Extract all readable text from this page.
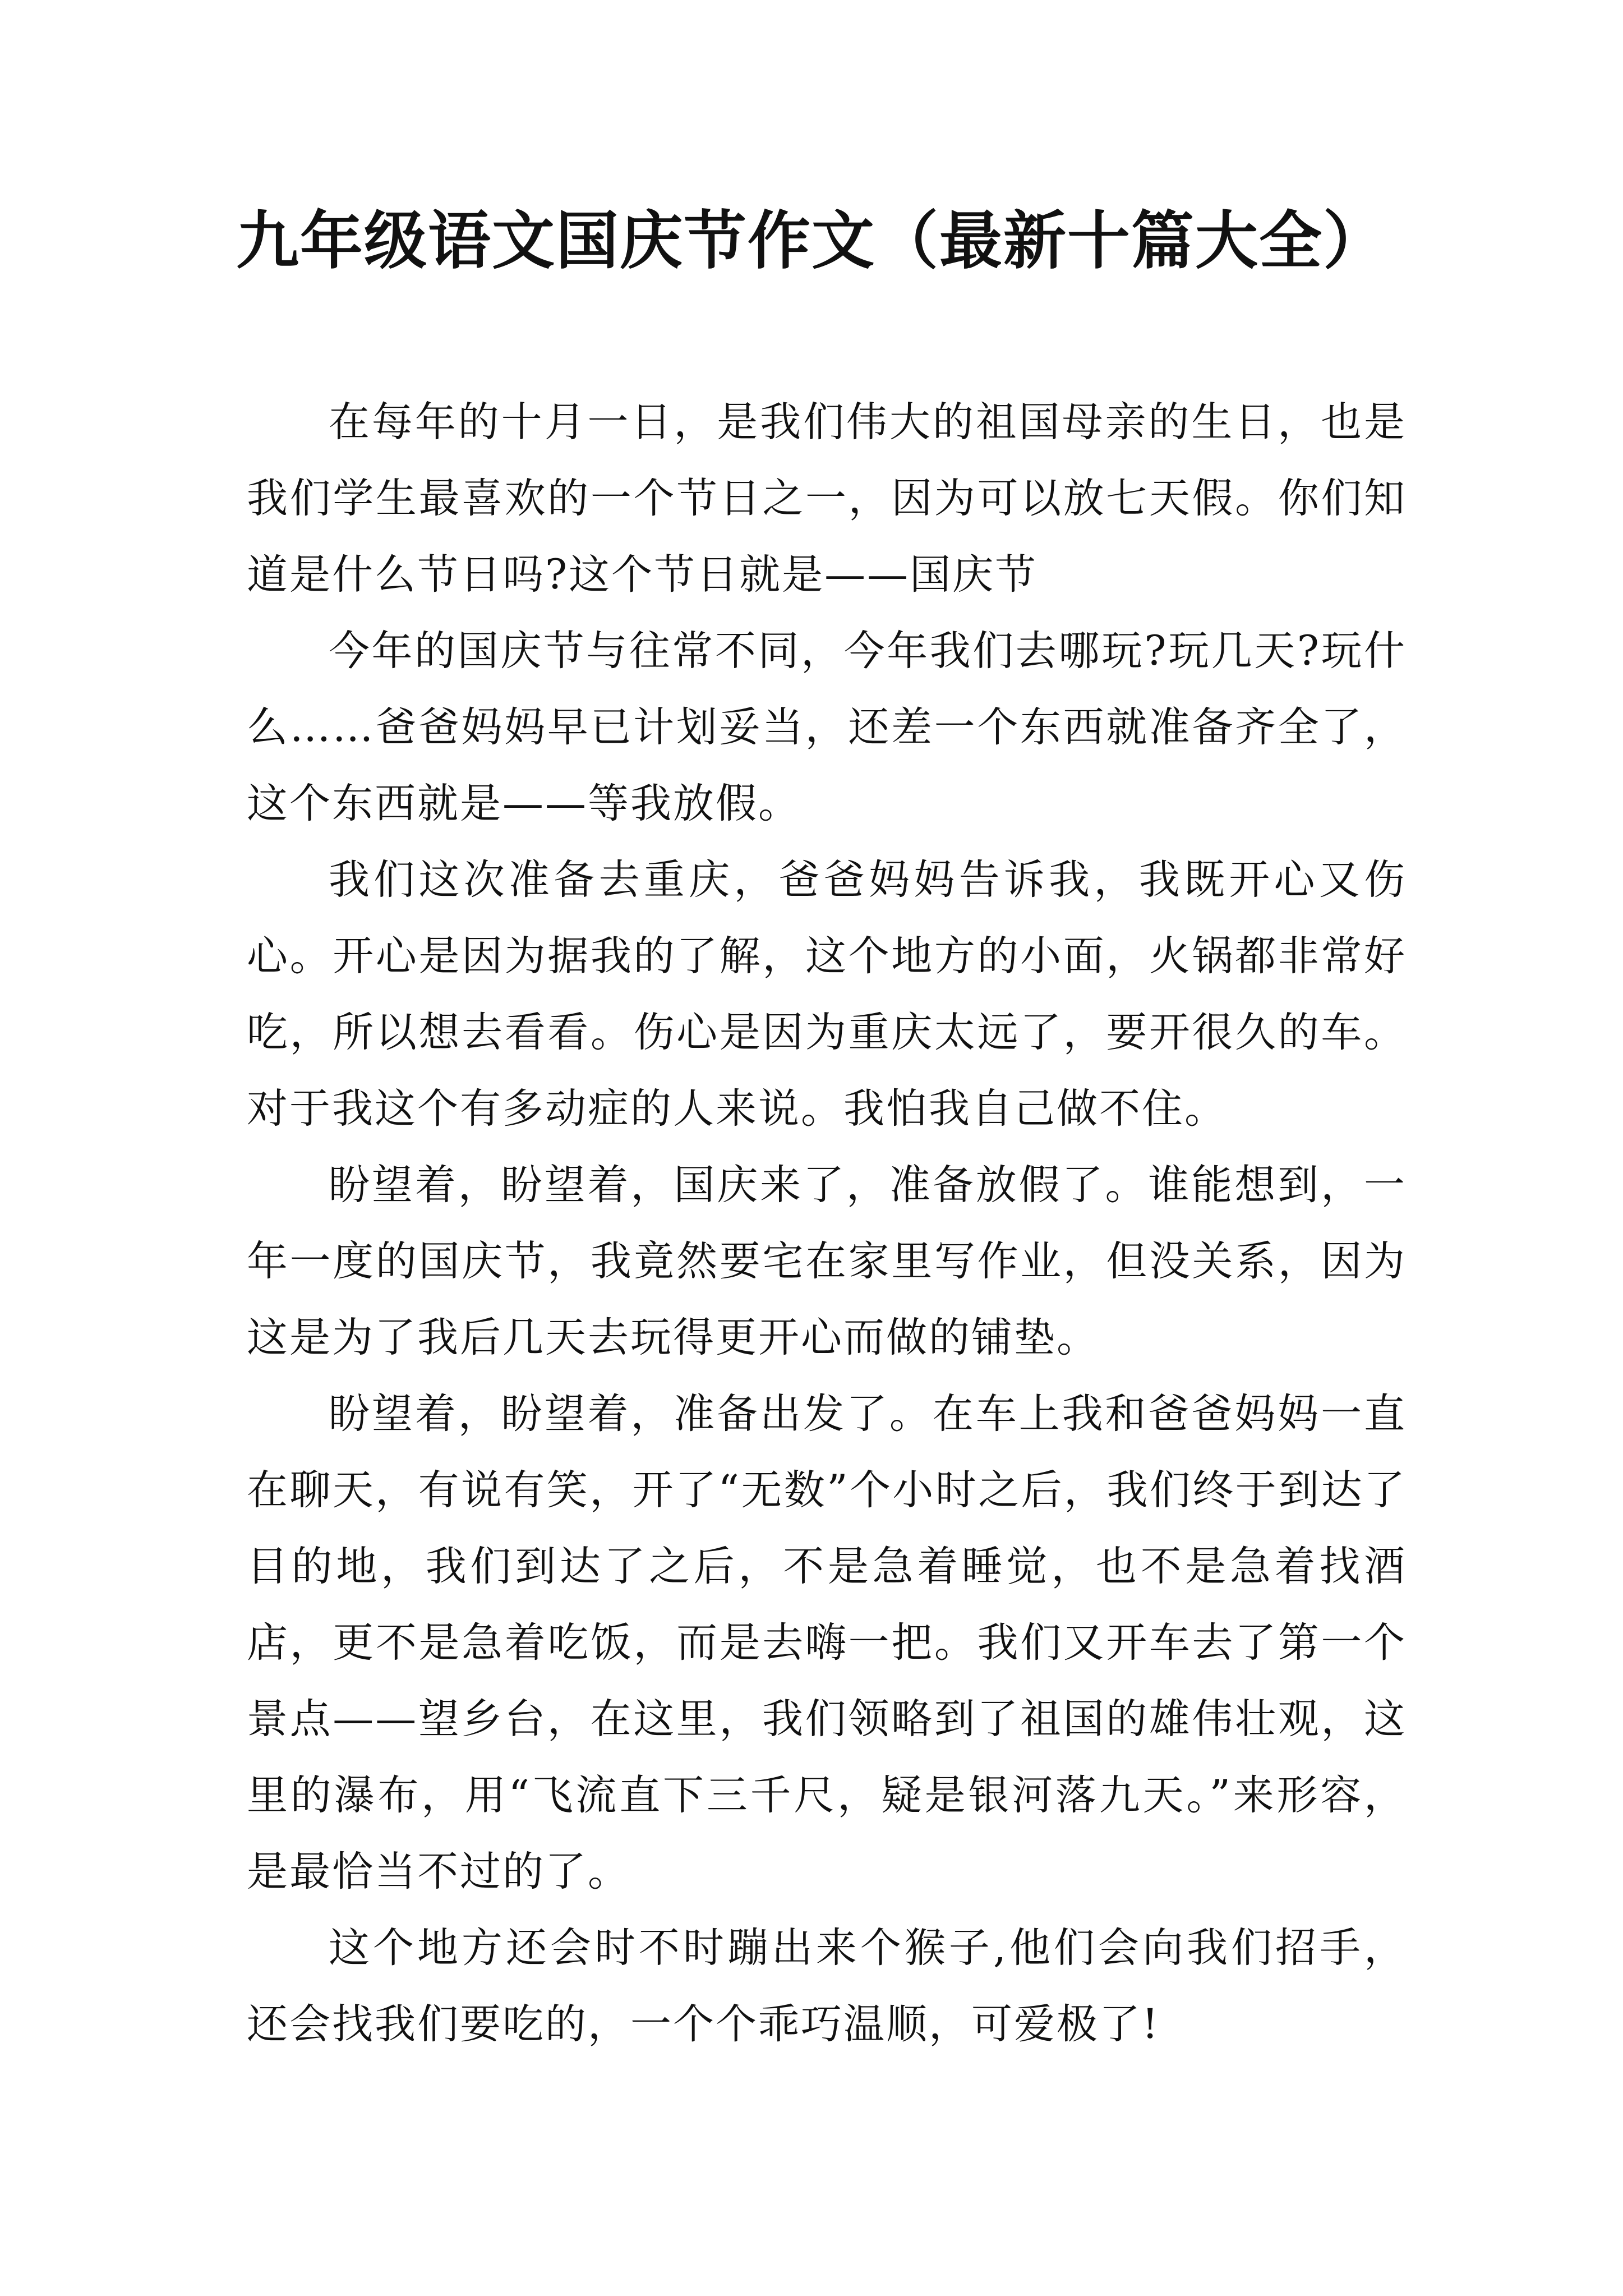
九年级语文国庆节作文（最新十篇大全）

在每年的十月一日，是我们伟大的祖国母亲的生日，也是我们学生最喜欢的一个节日之一，因为可以放七天假。你们知道是什么节日吗?这个节日就是——国庆节

今年的国庆节与往常不同，今年我们去哪玩?玩几天?玩什么……爸爸妈妈早已计划妥当，还差一个东西就准备齐全了，这个东西就是——等我放假。

我们这次准备去重庆，爸爸妈妈告诉我，我既开心又伤心。开心是因为据我的了解，这个地方的小面，火锅都非常好吃，所以想去看看。伤心是因为重庆太远了，要开很久的车。对于我这个有多动症的人来说。我怕我自己做不住。

盼望着，盼望着，国庆来了，准备放假了。谁能想到，一年一度的国庆节，我竟然要宅在家里写作业，但没关系，因为这是为了我后几天去玩得更开心而做的铺垫。

盼望着，盼望着，准备出发了。在车上我和爸爸妈妈一直在聊天，有说有笑，开了“无数”个小时之后，我们终于到达了目的地，我们到达了之后，不是急着睡觉，也不是急着找酒店，更不是急着吃饭，而是去嗨一把。我们又开车去了第一个景点——望乡台，在这里，我们领略到了祖国的雄伟壮观，这里的瀑布，用“飞流直下三千尺，疑是银河落九天。”来形容，是最恰当不过的了。

这个地方还会时不时蹦出来个猴子,他们会向我们招手，还会找我们要吃的，一个个乖巧温顺，可爱极了!
